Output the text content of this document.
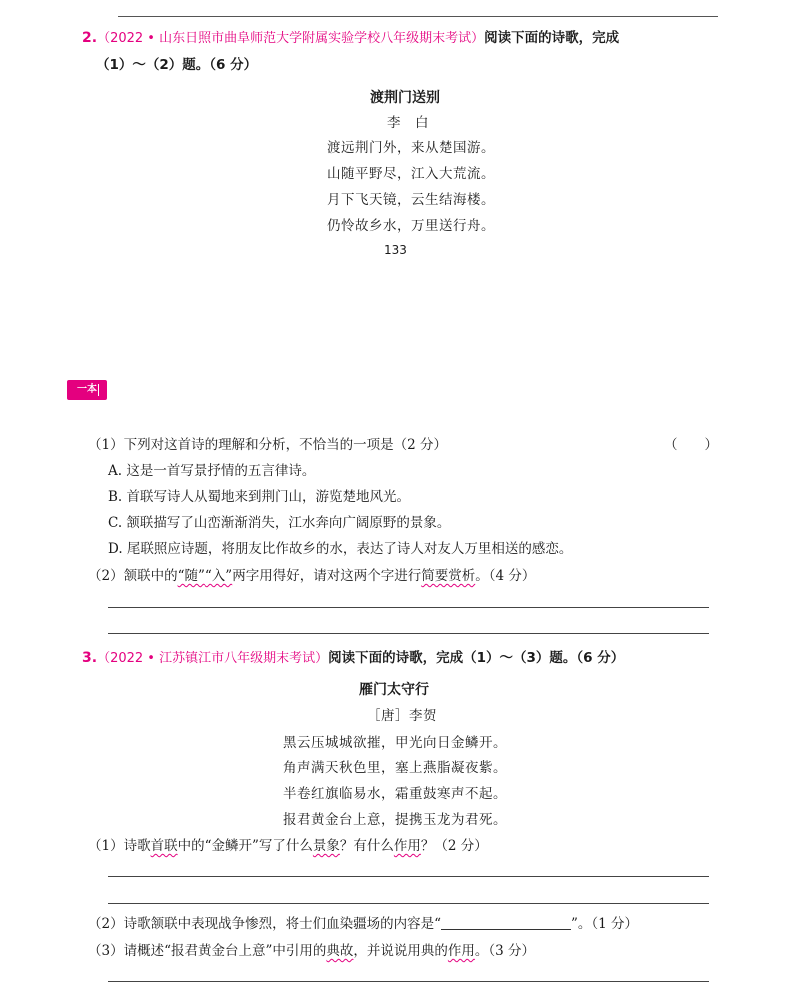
2.（2022 • 山东日照市曲阜师范大学附属实验学校八年级期末考试）阅读下面的诗歌，完成
（1）～（2）题。（6 分）
渡荆门送别
李　白
渡远荆门外，来从楚国游。
山随平野尽，江入大荒流。
月下飞天镜，云生结海楼。
仍怜故乡水，万里送行舟。
133
一本
（1）下列对这首诗的理解和分析，不恰当的一项是（2 分）	（　　）
A. 这是一首写景抒情的五言律诗。
B. 首联写诗人从蜀地来到荆门山，游览楚地风光。
C. 颔联描写了山峦渐渐消失，江水奔向广阔原野的景象。
D. 尾联照应诗题，将朋友比作故乡的水，表达了诗人对友人万里相送的感恋。
（2）颔联中的“随”“入”两字用得好，请对这两个字进行简要赏析。（4 分）
3.（2022 • 江苏镇江市八年级期末考试）阅读下面的诗歌，完成（1）～（3）题。（6 分）
雁门太守行
［唐］李贺
黑云压城城欲摧，甲光向日金鳞开。
角声满天秋色里，塞上燕脂凝夜紫。
半卷红旗临易水，霜重鼓寒声不起。
报君黄金台上意，提携玉龙为君死。
（1）诗歌首联中的“金鳞开”写了什么景象？有什么作用？（2 分）
（2）诗歌颔联中表现战争惨烈，将士们血染疆场的内容是“	”。（1 分）
（3）请概述“报君黄金台上意”中引用的典故，并说说用典的作用。（3 分）
